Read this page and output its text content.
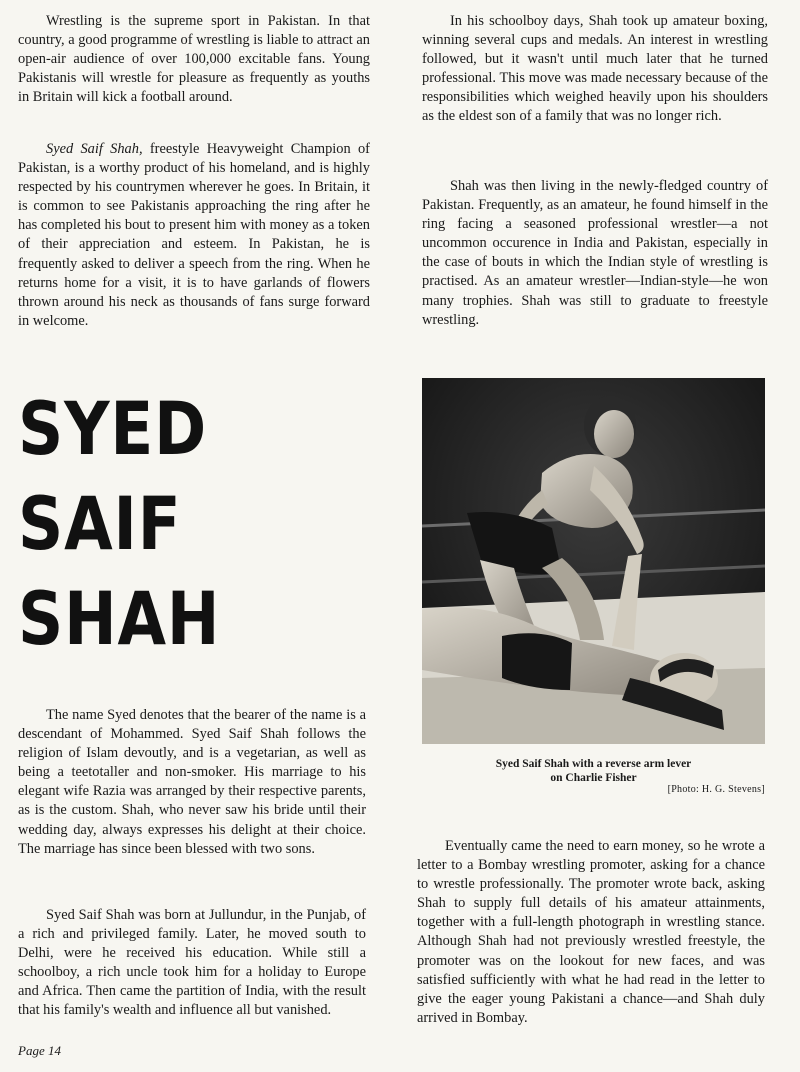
Wrestling is the supreme sport in Pakistan. In that country, a good programme of wrestling is liable to attract an open-air audience of over 100,000 excitable fans. Young Pakistanis will wrestle for pleasure as frequently as youths in Britain will kick a football around.

Syed Saif Shah, freestyle Heavyweight Champion of Pakistan, is a worthy product of his homeland, and is highly respected by his countrymen wherever he goes. In Britain, it is common to see Pakistanis approaching the ring after he has completed his bout to present him with money as a token of their appreciation and esteem. In Pakistan, he is frequently asked to deliver a speech from the ring. When he returns home for a visit, it is to have garlands of flowers thrown around his neck as thousands of fans surge forward in welcome.

In his schoolboy days, Shah took up amateur boxing, winning several cups and medals. An interest in wrestling followed, but it wasn't until much later that he turned professional. This move was made necessary because of the responsibilities which weighed heavily upon his shoulders as the eldest son of a family that was no longer rich.

Shah was then living in the newly-fledged country of Pakistan. Frequently, as an amateur, he found himself in the ring facing a seasoned professional wrestler—a not uncommon occurence in India and Pakistan, especially in the case of bouts in which the Indian style of wrestling is practised. As an amateur wrestler—Indian-style—he won many trophies. Shah was still to graduate to freestyle wrestling.

SYED
SAIF
SHAH
Syed Saif Shah with a reverse arm lever
on Charlie Fisher
[Photo: H. G. Stevens]

The name Syed denotes that the bearer of the name is a descendant of Mohammed. Syed Saif Shah follows the religion of Islam devoutly, and is a vegetarian, as well as being a teetotaller and non-smoker. His marriage to his elegant wife Razia was arranged by their respective parents, as is the custom. Shah, who never saw his bride until their wedding day, always expresses his delight at their choice. The marriage has since been blessed with two sons.

Syed Saif Shah was born at Jullundur, in the Punjab, of a rich and privileged family. Later, he moved south to Delhi, were he received his education. While still a schoolboy, a rich uncle took him for a holiday to Europe and Africa. Then came the partition of India, with the result that his family's wealth and influence all but vanished.

Eventually came the need to earn money, so he wrote a letter to a Bombay wrestling promoter, asking for a chance to wrestle professionally. The promoter wrote back, asking Shah to supply full details of his amateur attainments, together with a full-length photograph in wrestling stance. Although Shah had not previously wrestled freestyle, the promoter was on the lookout for new faces, and was satisfied sufficiently with what he had read in the letter to give the eager young Pakistani a chance—and Shah duly arrived in Bombay.

Page 14
